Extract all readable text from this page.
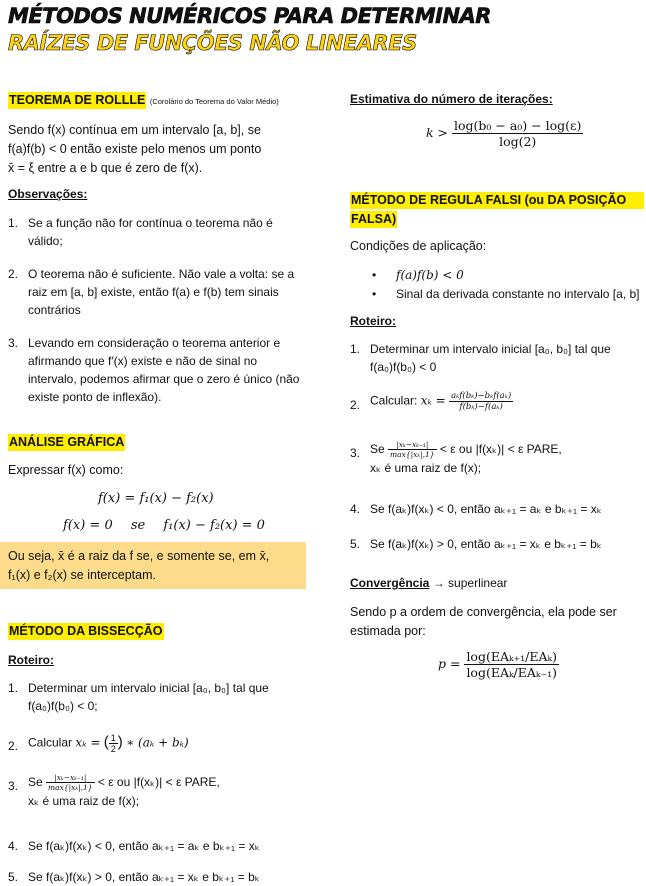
MÉTODOS NUMÉRICOS PARA DETERMINAR
RAÍZES DE FUNÇÕES NÃO LINEARES
TEOREMA DE ROLLLE (Corolário do Teorema do Valor Médio)
Sendo f(x) contínua em um intervalo [a, b], se
f(a)f(b) < 0 então existe pelo menos um ponto
x̄ = ξ entre a e b que é zero de f(x).
Observações:
1. Se a função não for contínua o teorema não é
válido;
2. O teorema não é suficiente. Não vale a volta: se a
raiz em [a, b] existe, então f(a) e f(b) tem sinais
contrários
3. Levando em consideração o teorema anterior e
afirmando que f′(x) existe e não de sinal no
intervalo, podemos afirmar que o zero é único (não
existe ponto de inflexão).
ANÁLISE GRÁFICA
Expressar f(x) como:
f(x) = f₁(x) − f₂(x)
f(x) = 0 se f₁(x) − f₂(x) = 0
Ou seja, x̄ é a raiz da f se, e somente se, em x̄,
f₁(x) e f₂(x) se interceptam.
MÉTODO DA BISSECÇÃO
Roteiro:
1. Determinar um intervalo inicial [a₀, b₀] tal que
f(a₀)f(b₀) < 0;
2. Calcular xₖ = ( $\frac{1}{2}$ ) ∗ (aₖ + bₖ)
3. Se $\frac{\text{|xₖ−xₖ₋₁|}}{\text{max\{|xₖ|,1\}}} < \varepsilon$ ou |f(xₖ)| < ε PARE,
xₖ é uma raiz de f(x);
4. Se f(aₖ)f(xₖ) < 0, então aₖ₊₁ = aₖ e bₖ₊₁ = xₖ
5. Se f(aₖ)f(xₖ) > 0, então aₖ₊₁ = xₖ e bₖ₊₁ = bₖ
Estimativa do número de iterações:
$k > \frac{\text{log(b₀ − a₀) − log(ε)}}{\log(2)}$
MÉTODO DE REGULA FALSI (ou DA POSIÇÃO
FALSA)
Condições de aplicação:
• f(a)f(b) < 0
• Sinal da derivada constante no intervalo [a, b]
Roteiro:
1. Determinar um intervalo inicial [a₀, b₀] tal que
f(a₀)f(b₀) < 0
2. Calcular: $x_k = \frac{\text{aₖf(bₖ)−bₖf(aₖ)}}{\text{f(bₖ)−f(aₖ)}}$
3. Se $\frac{\text{|xₖ−xₖ₋₁|}}{\text{max\{|xₖ|,1\}}} < \varepsilon$ ou |f(xₖ)| < ε PARE,
xₖ é uma raiz de f(x);
4. Se f(aₖ)f(xₖ) < 0, então aₖ₊₁ = aₖ e bₖ₊₁ = xₖ
5. Se f(aₖ)f(xₖ) > 0, então aₖ₊₁ = xₖ e bₖ₊₁ = bₖ
Convergência → superlinear
Sendo p a ordem de convergência, ela pode ser
estimada por:
$p = \frac{\text{log(EAₖ₊₁/EAₖ)}}{\text{log(EAₖ/EAₖ₋₁)}}$
